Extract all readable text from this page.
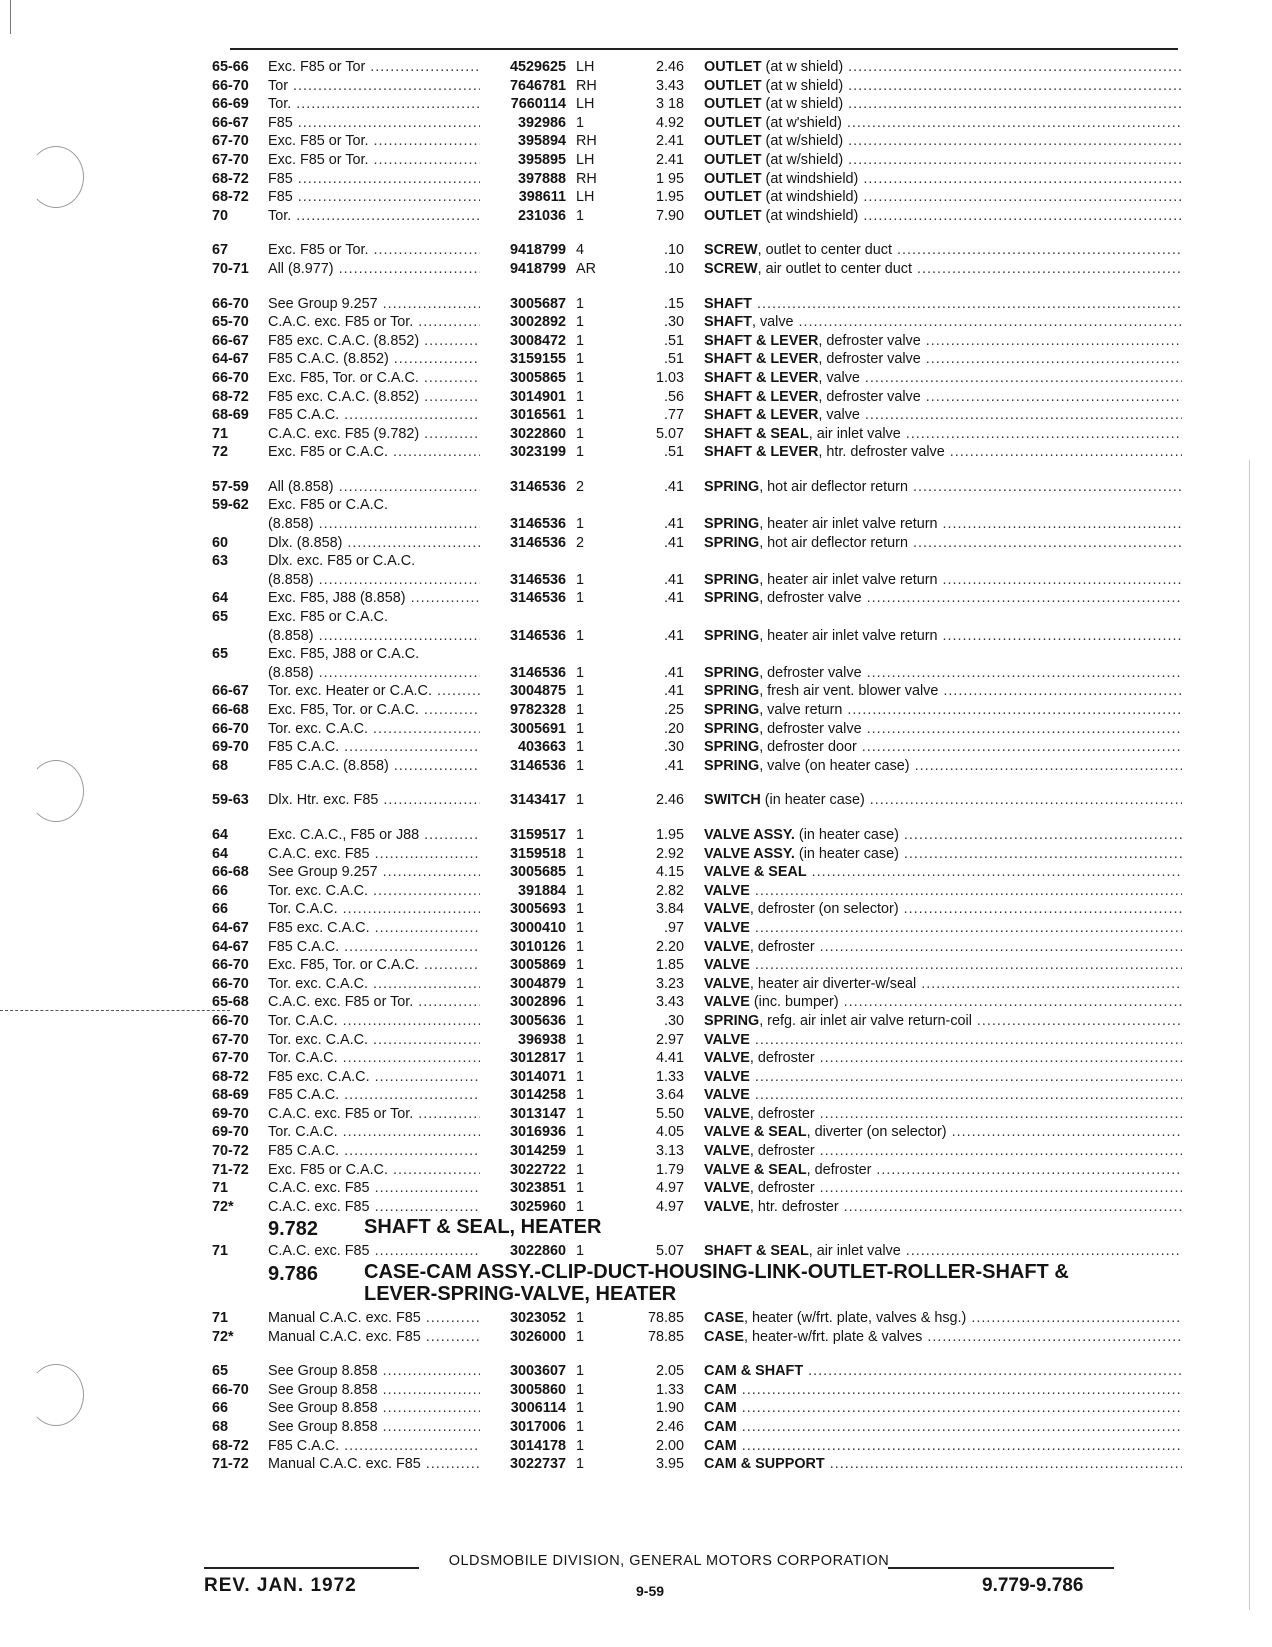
65-66	Exc. F85 or Tor .....	4529625 LH	2.46 OUTLET (at w shield) .....
66-70	Tor .....	7646781 RH	3.43 OUTLET (at w shield) .....
66-69	Tor. .....	7660114 LH	3 18 OUTLET (at w shield) .....
66-67	F85 .....	392986 1	4.92 OUTLET (at w'shield) .....
67-70	Exc. F85 or Tor. .....	395894 RH	2.41 OUTLET (at w/shield) .....
67-70	Exc. F85 or Tor. .....	395895 LH	2.41 OUTLET (at w/shield) .....
68-72	F85 .....	397888 RH	1 95 OUTLET (at windshield) .....
68-72	F85 .....	398611 LH	1.95 OUTLET (at windshield) .....
70	Tor. .....	231036 1	7.90 OUTLET (at windshield) .....
67	Exc. F85 or Tor. .....	9418799 4	.10 SCREW, outlet to center duct .....
70-71	All (8.977) .....	9418799 AR	.10 SCREW, air outlet to center duct .....
66-70	See Group 9.257 .....	3005687 1	.15 SHAFT .....
65-70	C.A.C. exc. F85 or Tor. .....	3002892 1	.30 SHAFT, valve .....
66-67	F85 exc. C.A.C. (8.852) .....	3008472 1	.51 SHAFT & LEVER, defroster valve .....
64-67	F85 C.A.C. (8.852) .....	3159155 1	.51 SHAFT & LEVER, defroster valve .....
66-70	Exc. F85, Tor. or C.A.C. .....	3005865 1	1.03 SHAFT & LEVER, valve .....
68-72	F85 exc. C.A.C. (8.852) .....	3014901 1	.56 SHAFT & LEVER, defroster valve .....
68-69	F85 C.A.C. .....	3016561 1	.77 SHAFT & LEVER, valve .....
71	C.A.C. exc. F85 (9.782) .....	3022860 1	5.07 SHAFT & SEAL, air inlet valve .....
72	Exc. F85 or C.A.C. .....	3023199 1	.51 SHAFT & LEVER, htr. defroster valve .....
57-59	All (8.858) .....	3146536 2	.41 SPRING, hot air deflector return .....
59-62	Exc. F85 or C.A.C.
(8.858) .....	3146536 1	.41 SPRING, heater air inlet valve return .....
60	Dlx. (8.858) .....	3146536 2	.41 SPRING, hot air deflector return .....
63	Dlx. exc. F85 or C.A.C.
(8.858) .....	3146536 1	.41 SPRING, heater air inlet valve return .....
64	Exc. F85, J88 (8.858) .....	3146536 1	.41 SPRING, defroster valve .....
65	Exc. F85 or C.A.C.
(8.858) .....	3146536 1	.41 SPRING, heater air inlet valve return .....
65	Exc. F85, J88 or C.A.C.
(8.858) .....	3146536 1	.41 SPRING, defroster valve .....
66-67	Tor. exc. Heater or C.A.C. .....	3004875 1	.41 SPRING, fresh air vent. blower valve .....
66-68	Exc. F85, Tor. or C.A.C. .....	9782328 1	.25 SPRING, valve return .....
66-70	Tor. exc. C.A.C. .....	3005691 1	.20 SPRING, defroster valve .....
69-70	F85 C.A.C. .....	403663 1	.30 SPRING, defroster door .....
68	F85 C.A.C. (8.858) .....	3146536 1	.41 SPRING, valve (on heater case) .....
59-63	Dlx. Htr. exc. F85 .....	3143417 1	2.46 SWITCH (in heater case) .....
64	Exc. C.A.C., F85 or J88 .....	3159517 1	1.95 VALVE ASSY. (in heater case) .....
64	C.A.C. exc. F85 .....	3159518 1	2.92 VALVE ASSY. (in heater case) .....
66-68	See Group 9.257 .....	3005685 1	4.15 VALVE & SEAL .....
66	Tor. exc. C.A.C. .....	391884 1	2.82 VALVE .....
66	Tor. C.A.C. .....	3005693 1	3.84 VALVE, defroster (on selector) .....
64-67	F85 exc. C.A.C. .....	3000410 1	.97 VALVE .....
64-67	F85 C.A.C. .....	3010126 1	2.20 VALVE, defroster .....
66-70	Exc. F85, Tor. or C.A.C. .....	3005869 1	1.85 VALVE .....
66-70	Tor. exc. C.A.C. .....	3004879 1	3.23 VALVE, heater air diverter-w/seal .....
65-68	C.A.C. exc. F85 or Tor. .....	3002896 1	3.43 VALVE (inc. bumper) .....
66-70	Tor. C.A.C. .....	3005636 1	.30 SPRING, refg. air inlet air valve return-coil .....
67-70	Tor. exc. C.A.C. .....	396938 1	2.97 VALVE .....
67-70	Tor. C.A.C. .....	3012817 1	4.41 VALVE, defroster .....
68-72	F85 exc. C.A.C. .....	3014071 1	1.33 VALVE .....
68-69	F85 C.A.C. .....	3014258 1	3.64 VALVE .....
69-70	C.A.C. exc. F85 or Tor. .....	3013147 1	5.50 VALVE, defroster .....
69-70	Tor. C.A.C. .....	3016936 1	4.05 VALVE & SEAL, diverter (on selector) .....
70-72	F85 C.A.C. .....	3014259 1	3.13 VALVE, defroster .....
71-72	Exc. F85 or C.A.C. .....	3022722 1	1.79 VALVE & SEAL, defroster .....
71	C.A.C. exc. F85 .....	3023851 1	4.97 VALVE, defroster .....
72*	C.A.C. exc. F85 .....	3025960 1	4.97 VALVE, htr. defroster .....
9.782 SHAFT & SEAL, HEATER
71	C.A.C. exc. F85 .....	3022860 1	5.07 SHAFT & SEAL, air inlet valve .....
9.786 CASE-CAM ASSY.-CLIP-DUCT-HOUSING-LINK-OUTLET-ROLLER-SHAFT & LEVER-SPRING-VALVE, HEATER
71	Manual C.A.C. exc. F85 .....	3023052 1	78.85 CASE, heater (w/frt. plate, valves & hsg.) .....
72*	Manual C.A.C. exc. F85 .....	3026000 1	78.85 CASE, heater-w/frt. plate & valves .....
65	See Group 8.858 .....	3003607 1	2.05 CAM & SHAFT .....
66-70	See Group 8.858 .....	3005860 1	1.33 CAM .....
66	See Group 8.858 .....	3006114 1	1.90 CAM .....
68	See Group 8.858 .....	3017006 1	2.46 CAM .....
68-72	F85 C.A.C. .....	3014178 1	2.00 CAM .....
71-72	Manual C.A.C. exc. F85 .....	3022737 1	3.95 CAM & SUPPORT .....
OLDSMOBILE DIVISION, GENERAL MOTORS CORPORATION
REV. JAN. 1972	9-59	9.779-9.786
